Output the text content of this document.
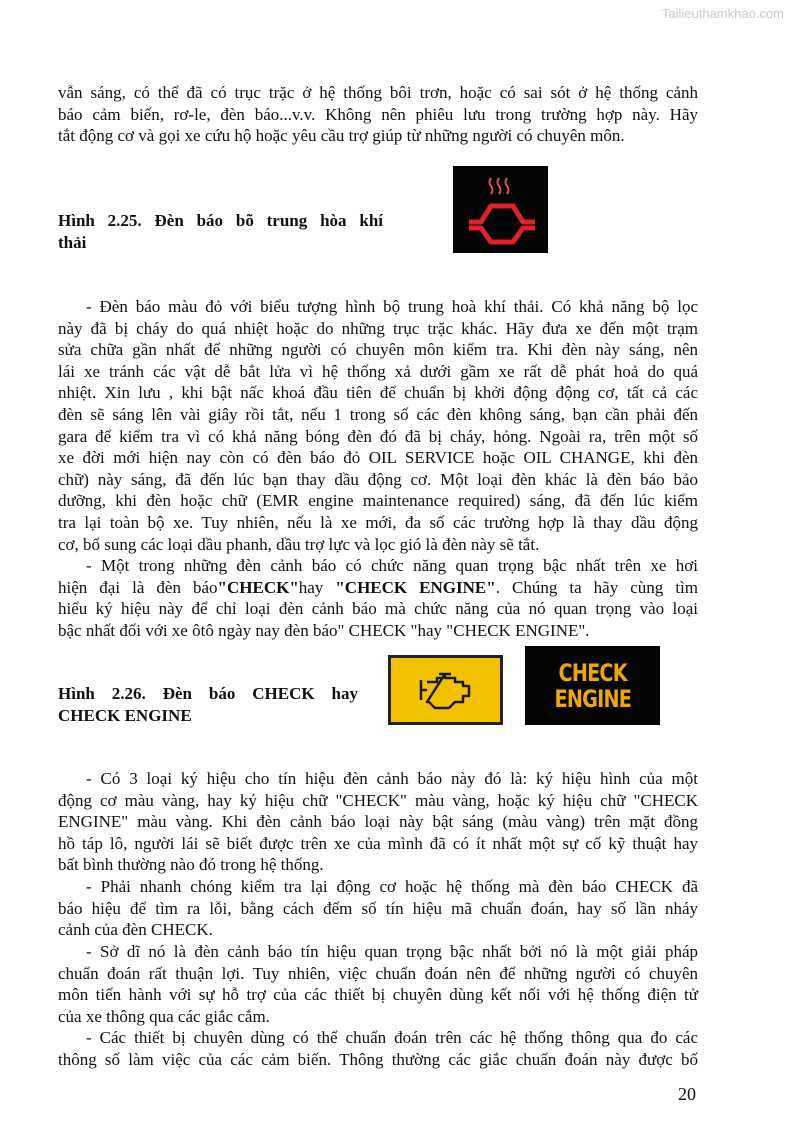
Tailieuthamkhao.com
vẫn sáng, có thể đã có trục trặc ở hệ thống bôi trơn, hoặc có sai sót ở hệ thống cảnh
báo cảm biến, rơ-le, đèn báo...v.v. Không nên phiêu lưu trong trường hợp này. Hãy
tắt động cơ và gọi xe cứu hộ hoặc yêu cầu trợ giúp từ những người có chuyên môn.
Hình 2.25. Đèn báo bõ trung hòa khí
thải
- Đèn báo màu đỏ với biểu tượng hình bộ trung hoà khí thải. Có khả năng bộ lọc
này đã bị cháy do quá nhiệt hoặc do những trục trặc khác. Hãy đưa xe đến một trạm
sửa chữa gần nhất để những người có chuyên môn kiểm tra. Khi đèn này sáng, nên
lái xe tránh các vật dễ bắt lửa vì hệ thống xả dưới gầm xe rất dễ phát hoả do quá
nhiệt. Xin lưu , khi bật nấc khoá đầu tiên để chuẩn bị khởi động động cơ, tất cả các
đèn sẽ sáng lên vài giây rồi tắt, nếu 1 trong số các đèn không sáng, bạn cần phải đến
gara để kiểm tra vì có khả năng bóng đèn đó đã bị cháy, hỏng. Ngoài ra, trên một số
xe đời mới hiện nay còn có đèn báo đỏ OIL SERVICE hoặc OIL CHANGE, khi đèn
chữ) này sáng, đã đến lúc bạn thay dầu động cơ. Một loại đèn khác là đèn báo bảo
dưỡng, khi đèn hoặc chữ (EMR engine maintenance required) sáng, đã đến lúc kiểm
tra lại toàn bộ xe. Tuy nhiên, nếu là xe mới, đa số các trường hợp là thay dầu động
cơ, bổ sung các loại dầu phanh, dầu trợ lực và lọc gió là đèn này sẽ tắt.
- Một trong những đèn cảnh báo có chức năng quan trọng bậc nhất trên xe hơi
hiện đại là đèn báo"CHECK"hay "CHECK ENGINE". Chúng ta hãy cùng tìm
hiểu ký hiệu này để chỉ loại đèn cảnh báo mà chức năng của nó quan trọng vào loại
bậc nhất đối với xe ôtô ngày nay đèn báo" CHECK "hay "CHECK ENGINE".
Hình 2.26. Đèn báo CHECK hay
CHECK ENGINE
CHECK
ENGINE
- Có 3 loại ký hiệu cho tín hiệu đèn cảnh báo này đó là: ký hiệu hình của một
động cơ màu vàng, hay ký hiệu chữ "CHECK" màu vàng, hoặc ký hiệu chữ "CHECK
ENGINE" màu vàng. Khi đèn cảnh báo loại này bật sáng (màu vàng) trên mặt đồng
hồ táp lô, người lái sẽ biết được trên xe của mình đã có ít nhất một sự cố kỹ thuật hay
bất bình thường nào đó trong hệ thống.
- Phải nhanh chóng kiểm tra lại động cơ hoặc hệ thống mà đèn báo CHECK đã
báo hiệu để tìm ra lỗi, bằng cách đếm số tín hiệu mã chuẩn đoán, hay số lần nháy
cảnh của đèn CHECK.
- Sở dĩ nó là đèn cảnh báo tín hiệu quan trọng bậc nhất bởi nó là một giải pháp
chuẩn đoán rất thuận lợi. Tuy nhiên, việc chuẩn đoán nên để những người có chuyên
môn tiến hành với sự hỗ trợ của các thiết bị chuyên dùng kết nối với hệ thống điện tử
của xe thông qua các giắc cắm.
- Các thiết bị chuyên dùng có thể chuẩn đoán trên các hệ thống thông qua đo các
thông số làm việc của các cảm biến. Thông thường các giắc chuẩn đoán này được bố
20
